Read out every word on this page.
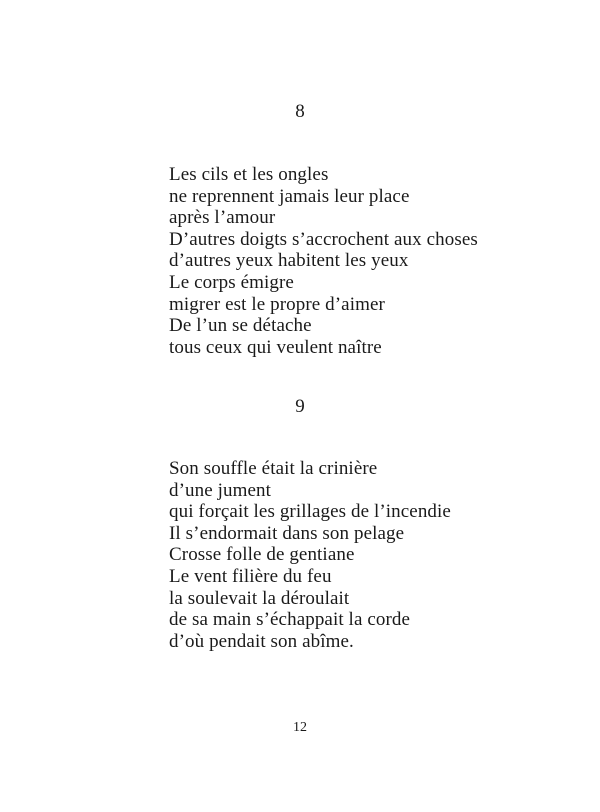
8
Les cils et les ongles
ne reprennent jamais leur place
après l’amour
D’autres doigts s’accrochent aux choses
d’autres yeux habitent les yeux
Le corps émigre
migrer est le propre d’aimer
De l’un se détache
tous ceux qui veulent naître
9
Son souffle était la crinière
d’une jument
qui forçait les grillages de l’incendie
Il s’endormait dans son pelage
Crosse folle de gentiane
Le vent filière du feu
la soulevait la déroulait
de sa main s’échappait la corde
d’où pendait son abîme.
12
